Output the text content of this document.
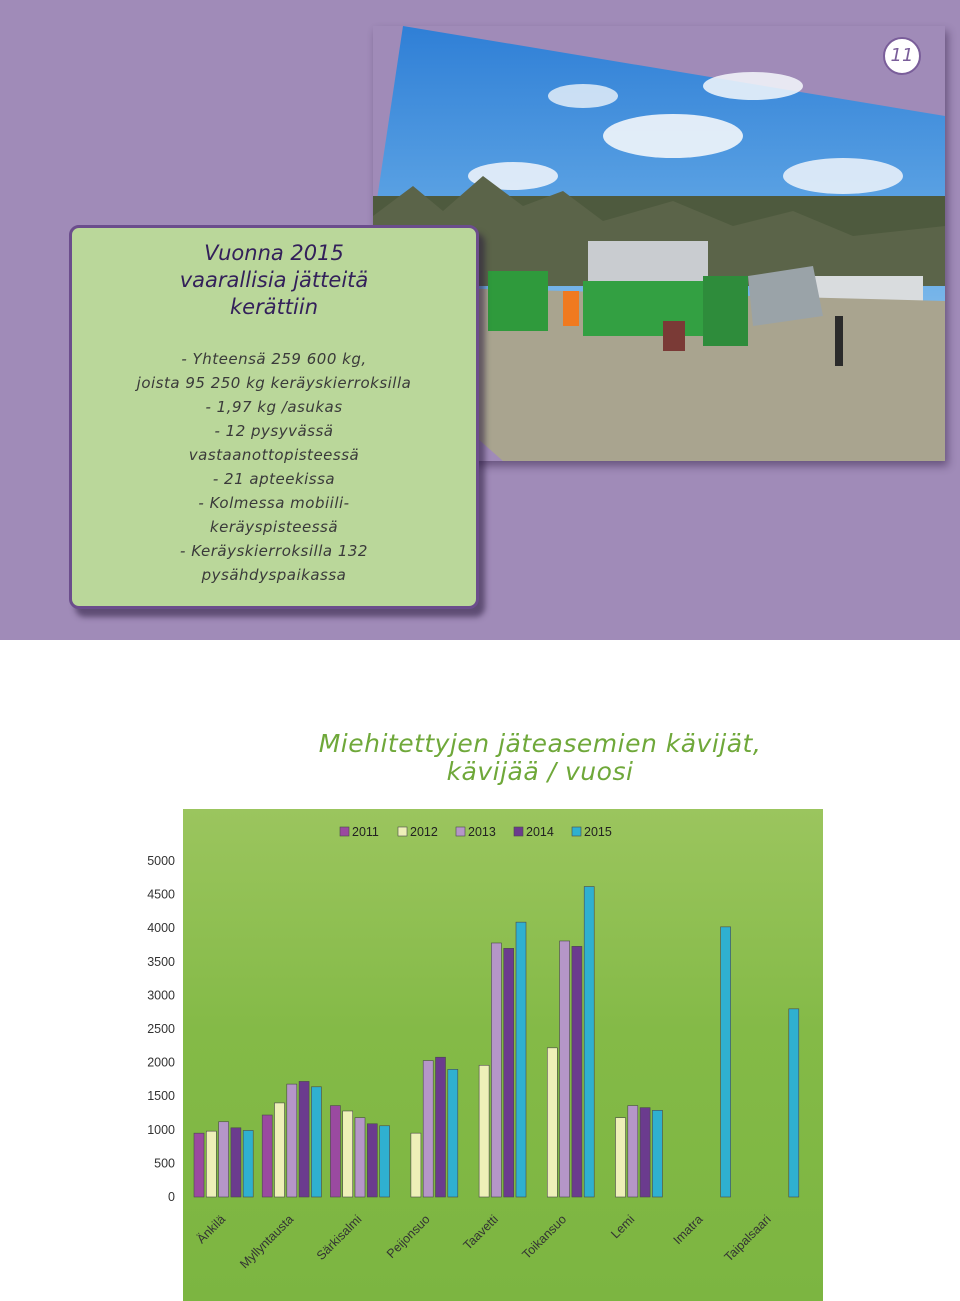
11
Vuonna 2015
vaarallisia jätteitä
kerättiin
- Yhteensä 259 600 kg,
joista 95 250 kg keräyskierroksilla
- 1,97 kg /asukas
- 12 pysyvässä
vastaanottopisteessä
- 21 apteekissa
- Kolmessa mobiili-
keräyspisteessä
- Keräyskierroksilla 132
pysähdyspaikassa
Miehitettyjen jäteasemien kävijät,
kävijää / vuosi
0
500
1000
1500
2000
2500
3000
3500
4000
4500
5000
Änkilä Myllyntausta Särkisalmi Peijonsuo Taavetti Toikansuo	Lemi	Imatra Taipalsaari
2011 2012 2013 2014 2015
